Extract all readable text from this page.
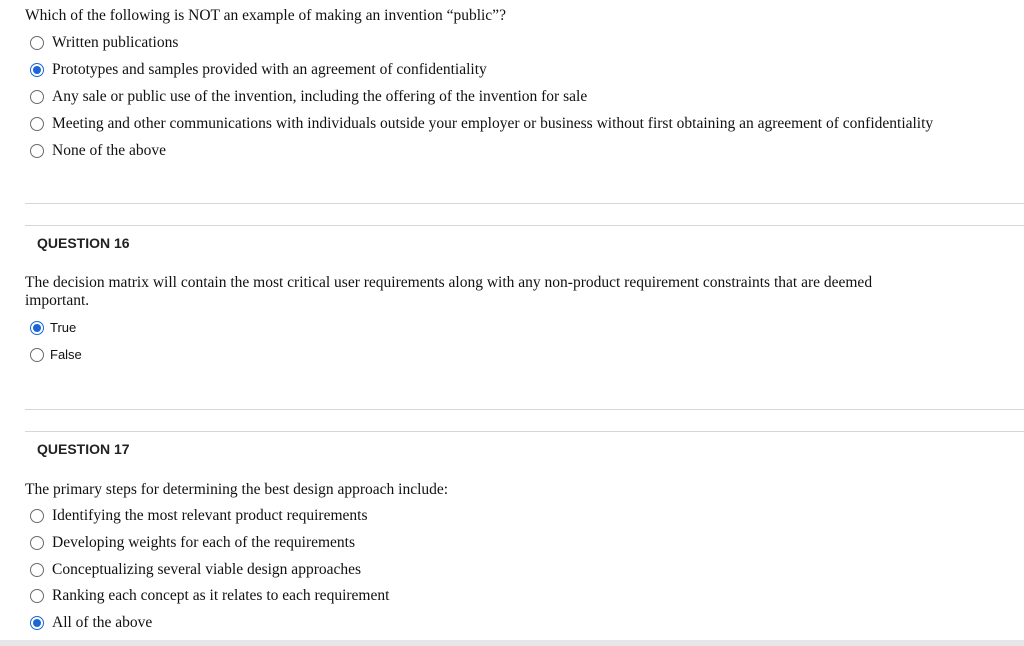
Which of the following is NOT an example of making an invention “public”?
Written publications
Prototypes and samples provided with an agreement of confidentiality
Any sale or public use of the invention, including the offering of the invention for sale
Meeting and other communications with individuals outside your employer or business without first obtaining an agreement of confidentiality
None of the above
QUESTION 16
The decision matrix will contain the most critical user requirements along with any non-product requirement constraints that are deemed
important.
True
False
QUESTION 17
The primary steps for determining the best design approach include:
Identifying the most relevant product requirements
Developing weights for each of the requirements
Conceptualizing several viable design approaches
Ranking each concept as it relates to each requirement
All of the above
